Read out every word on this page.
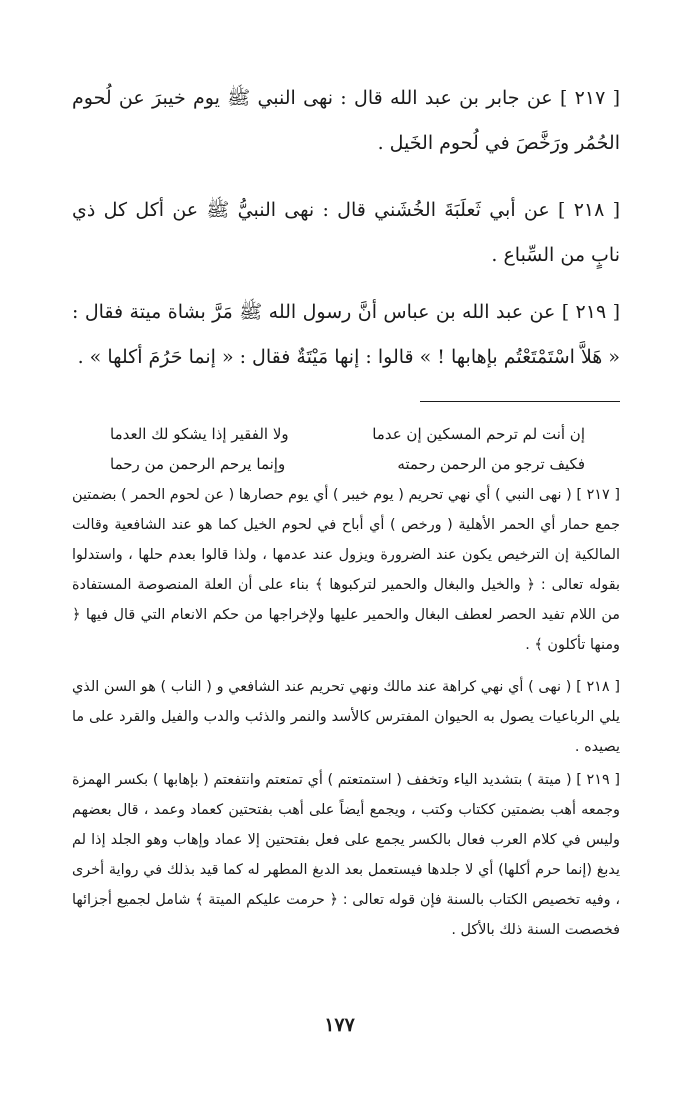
[ ٢١٧ ] عن جابر بن عبد الله قال : نهى النبي ﷺ يوم خيبرَ عن لُحوم الحُمُر ورَخَّصَ في لُحوم الخَيل .
[ ٢١٨ ] عن أبي ثَعلَبَةَ الخُشَني قال : نهى النبيُّ ﷺ عن أكل كل ذي نابٍ من السِّباع .
[ ٢١٩ ] عن عبد الله بن عباس أنَّ رسول الله ﷺ مَرَّ بشاة ميتة فقال : « هَلاَّ اسْتَمْتَعْتُم بإهابها ! » قالوا : إنها مَيْتَةٌ فقال : « إنما حَرُمَ أكلها » .
إن أنت لم ترحم المسكين إن عدما
ولا الفقير إذا يشكو لك العدما
فكيف ترجو من الرحمن رحمته
وإنما يرحم الرحمن من رحما
[ ٢١٧ ] ( نهى النبي ) أي نهي تحريم ( يوم خيبر ) أي يوم حصارها ( عن لحوم الحمر ) بضمتين جمع حمار أي الحمر الأهلية ( ورخص ) أي أباح في لحوم الخيل كما هو عند الشافعية وقالت المالكية إن الترخيص يكون عند الضرورة ويزول عند عدمها ، ولذا قالوا بعدم حلها ، واستدلوا بقوله تعالى : ﴿ والخيل والبغال والحمير لتركبوها ﴾ بناء على أن العلة المنصوصة المستفادة من اللام تفيد الحصر لعطف البغال والحمير عليها ولإخراجها من حكم الانعام التي قال فيها ﴿ ومنها تأكلون ﴾ .
[ ٢١٨ ] ( نهى ) أي نهي كراهة عند مالك ونهي تحريم عند الشافعي و ( الناب ) هو السن الذي يلي الرباعيات يصول به الحيوان المفترس كالأسد والنمر والذئب والدب والفيل والقرد على ما يصيده .
[ ٢١٩ ] ( ميتة ) بتشديد الياء وتخفف ( استمتعتم ) أي تمتعتم وانتفعتم ( بإهابها ) بكسر الهمزة وجمعه أهب بضمتين ككتاب وكتب ، ويجمع أيضاً على أهب بفتحتين كعماد وعمد ، قال بعضهم وليس في كلام العرب فعال بالكسر يجمع على فعل بفتحتين إلا عماد وإهاب وهو الجلد إذا لم يدبغ (إنما حرم أكلها) أي لا جلدها فيستعمل بعد الدبغ المطهر له كما قيد بذلك في رواية أخرى ، وفيه تخصيص الكتاب بالسنة فإن قوله تعالى : ﴿ حرمت عليكم الميتة ﴾ شامل لجميع أجزائها فخصصت السنة ذلك بالأكل .
١٧٧
